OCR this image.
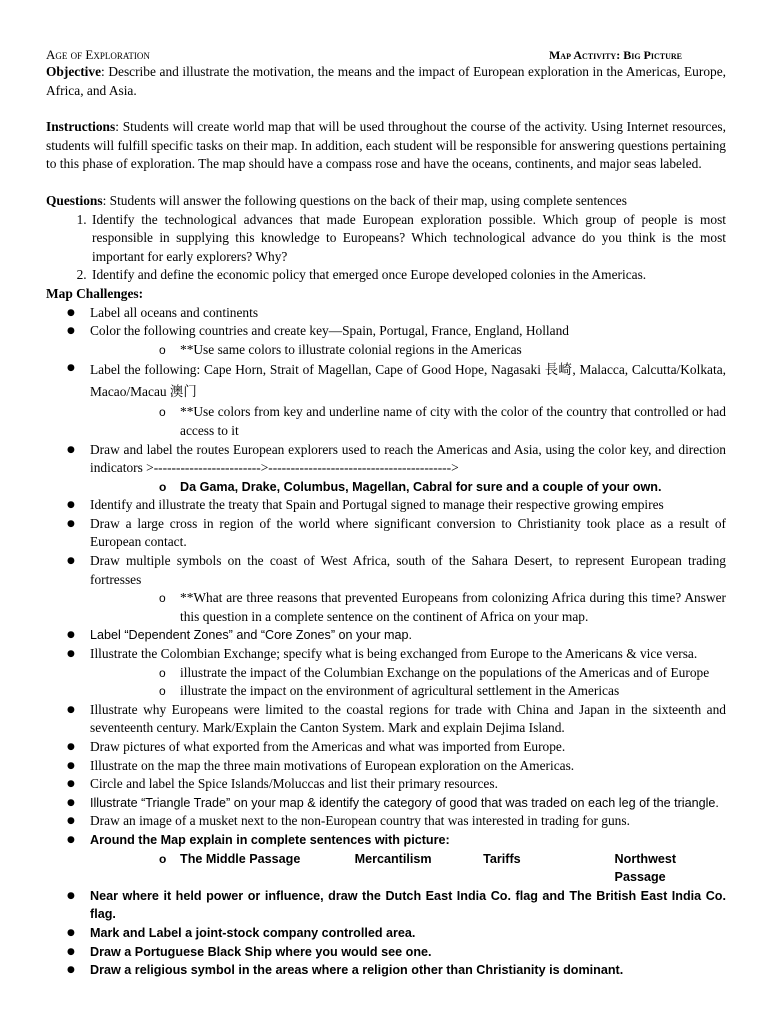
Age of Exploration	Map Activity: Big Picture

Objective: Describe and illustrate the motivation, the means and the impact of European exploration in the Americas, Europe, Africa, and Asia.

Instructions: Students will create world map that will be used throughout the course of the activity. Using Internet resources, students will fulfill specific tasks on their map. In addition, each student will be responsible for answering questions pertaining to this phase of exploration. The map should have a compass rose and have the oceans, continents, and major seas labeled.

Questions: Students will answer the following questions on the back of their map, using complete sentences

1. Identify the technological advances that made European exploration possible. Which group of people is most responsible in supplying this knowledge to Europeans? Which technological advance do you think is the most important for early explorers? Why?
2. Identify and define the economic policy that emerged once Europe developed colonies in the Americas.
Map Challenges:
● Label all oceans and continents
● Color the following countries and create key—Spain, Portugal, France, England, Holland
o **Use same colors to illustrate colonial regions in the Americas
● Label the following: Cape Horn, Strait of Magellan, Cape of Good Hope, Nagasaki 長崎, Malacca, Calcutta/Kolkata, Macao/Macau 澳门
o **Use colors from key and underline name of city with the color of the country that controlled or had access to it
● Draw and label the routes European explorers used to reach the Americas and Asia, using the color key, and direction indicators >------------------------>----------------------------------------->
o Da Gama, Drake, Columbus, Magellan, Cabral for sure and a couple of your own.
● Identify and illustrate the treaty that Spain and Portugal signed to manage their respective growing empires
● Draw a large cross in region of the world where significant conversion to Christianity took place as a result of European contact.
● Draw multiple symbols on the coast of West Africa, south of the Sahara Desert, to represent European trading fortresses
o **What are three reasons that prevented Europeans from colonizing Africa during this time? Answer this question in a complete sentence on the continent of Africa on your map.
● Label “Dependent Zones” and “Core Zones” on your map.
● Illustrate the Colombian Exchange; specify what is being exchanged from Europe to the Americans & vice versa.
o illustrate the impact of the Columbian Exchange on the populations of the Americas and of Europe
o illustrate the impact on the environment of agricultural settlement in the Americas
● Illustrate why Europeans were limited to the coastal regions for trade with China and Japan in the sixteenth and seventeenth century. Mark/Explain the Canton System. Mark and explain Dejima Island.
● Draw pictures of what exported from the Americas and what was imported from Europe.
● Illustrate on the map the three main motivations of European exploration on the Americas.
● Circle and label the Spice Islands/Moluccas and list their primary resources.
● Illustrate “Triangle Trade” on your map & identify the category of good that was traded on each leg of the triangle.
● Draw an image of a musket next to the non-European country that was interested in trading for guns.
● Around the Map explain in complete sentences with picture:
o The Middle Passage	Mercantilism	Tariffs	Northwest Passage
● Near where it held power or influence, draw the Dutch East India Co. flag and The British East India Co. flag.
● Mark and Label a joint-stock company controlled area.
● Draw a Portuguese Black Ship where you would see one.
● Draw a religious symbol in the areas where a religion other than Christianity is dominant.
